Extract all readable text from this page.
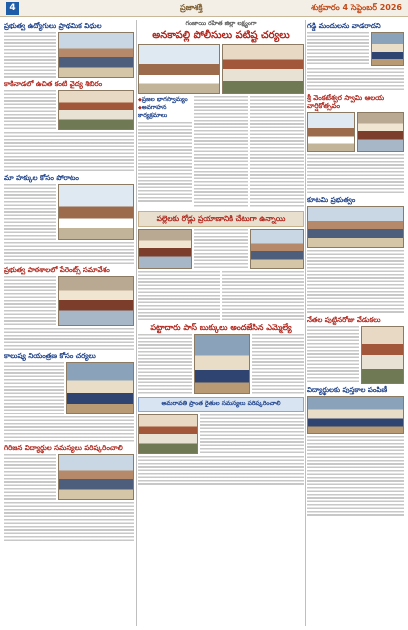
4	ప్రజాశక్తి	శుక్రవారం 4 సెప్టెంబర్ 2026
ప్రభుత్వ ఉద్యోగులు ప్రాథమిక విధుల
కాకినాడలో ఉచిత కంటి వైద్య శిబిరం
మా హక్కుల కోసం పోరాటం
ప్రభుత్వ పాఠశాలలో పేరెంట్స్ సమావేశం
కాలుష్య నియంత్రణ కోసం చర్యలు
గిరిజన విద్యార్థుల సమస్యలు పరిష్కరించాలి
గంజాయి రహిత జిల్లా లక్ష్యంగా
అనకాపల్లి పోలీసులు పటిష్ట చర్యలు
◆ ప్రజల భాగస్వామ్యం
◆ అవగాహన కార్యక్రమాలు
పల్లెలకు రోడ్లు ప్రయాణానికి చేటుగా ఉన్నాయి
పట్టాదారు పాస్ బుక్కులు అందజేసిన ఎమ్మెల్యే
అమరావతి ప్రాంత రైతుల సమస్యలు పరిష్కరించాలి
గడ్డి మందులను వాడరాదని
శ్రీ వెంకటేశ్వర స్వామి ఆలయ వార్షికోత్సవం
కూటమి ప్రభుత్వం
నేతల పుట్టినరోజు వేడుకలు
విద్యార్థులకు పుస్తకాల పంపిణీ
